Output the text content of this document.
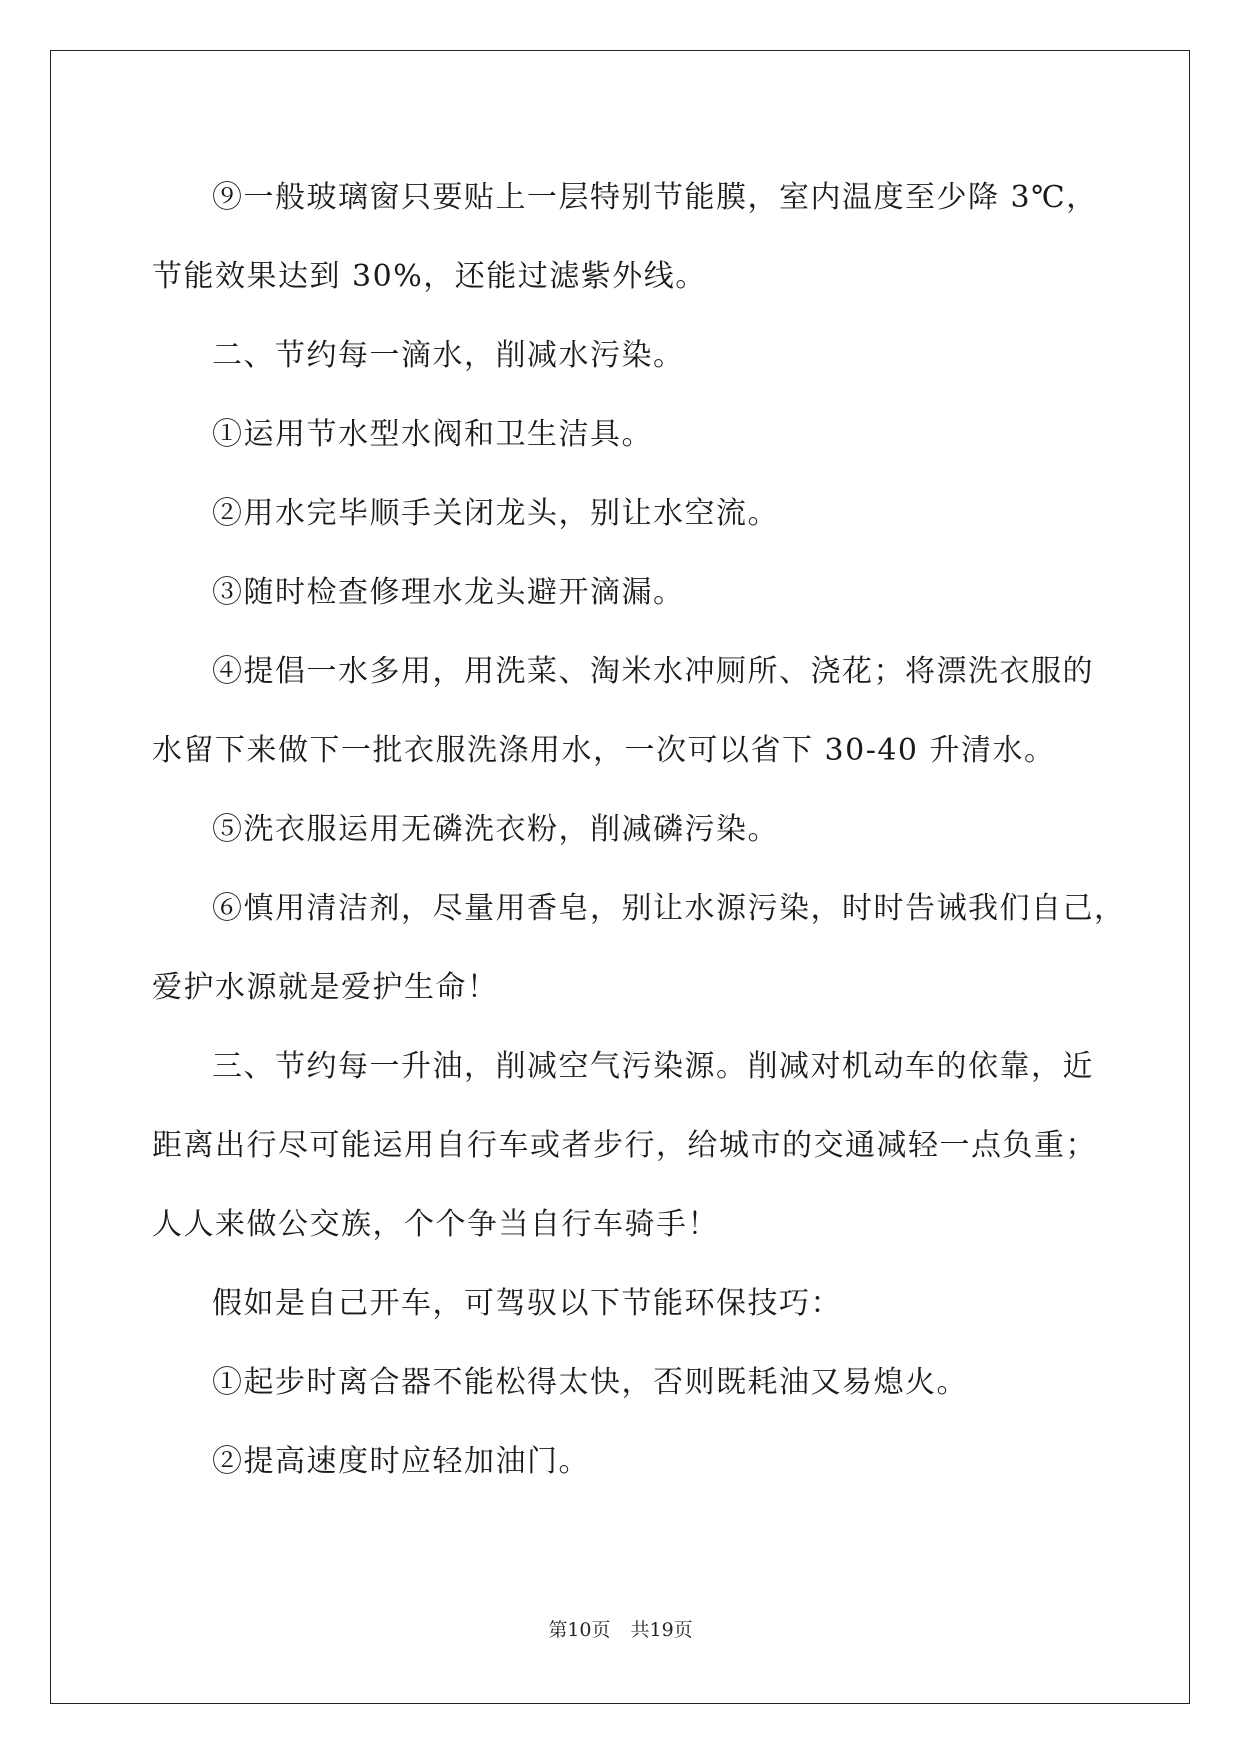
⑨一般玻璃窗只要贴上一层特别节能膜，室内温度至少降 3℃，
节能效果达到 30%，还能过滤紫外线。
二、节约每一滴水，削减水污染。
①运用节水型水阀和卫生洁具。
②用水完毕顺手关闭龙头，别让水空流。
③随时检查修理水龙头避开滴漏。
④提倡一水多用，用洗菜、淘米水冲厕所、浇花；将漂洗衣服的
水留下来做下一批衣服洗涤用水，一次可以省下 30-40 升清水。
⑤洗衣服运用无磷洗衣粉，削减磷污染。
⑥慎用清洁剂，尽量用香皂，别让水源污染，时时告诫我们自己，
爱护水源就是爱护生命！
三、节约每一升油，削减空气污染源。削减对机动车的依靠，近
距离出行尽可能运用自行车或者步行，给城市的交通减轻一点负重；
人人来做公交族，个个争当自行车骑手！
假如是自己开车，可驾驭以下节能环保技巧：
①起步时离合器不能松得太快，否则既耗油又易熄火。
②提高速度时应轻加油门。
第10页 共19页
